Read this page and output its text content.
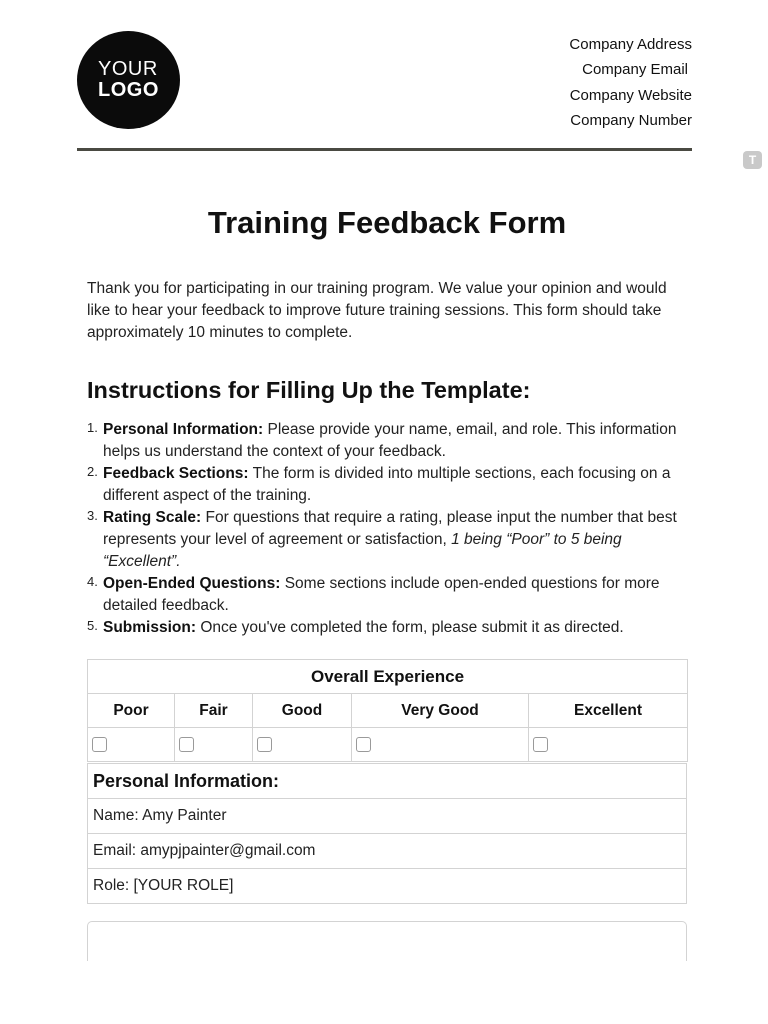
YOUR
LOGO
Company Address
Company Email
Company Website
Company Number
T
Training Feedback Form
Thank you for participating in our training program. We value your opinion and would like to hear your feedback to improve future training sessions. This form should take approximately 10 minutes to complete.
Instructions for Filling Up the Template:
1. Personal Information: Please provide your name, email, and role. This information helps us understand the context of your feedback.
2. Feedback Sections: The form is divided into multiple sections, each focusing on a different aspect of the training.
3. Rating Scale: For questions that require a rating, please input the number that best represents your level of agreement or satisfaction, 1 being “Poor” to 5 being “Excellent”.
4. Open-Ended Questions: Some sections include open-ended questions for more detailed feedback.
5. Submission: Once you've completed the form, please submit it as directed.
Overall Experience				
Poor	Fair	Good	Very Good	Excellent

Personal Information:
Name: Amy Painter
Email: amypjpainter@gmail.com
Role: [YOUR ROLE]
